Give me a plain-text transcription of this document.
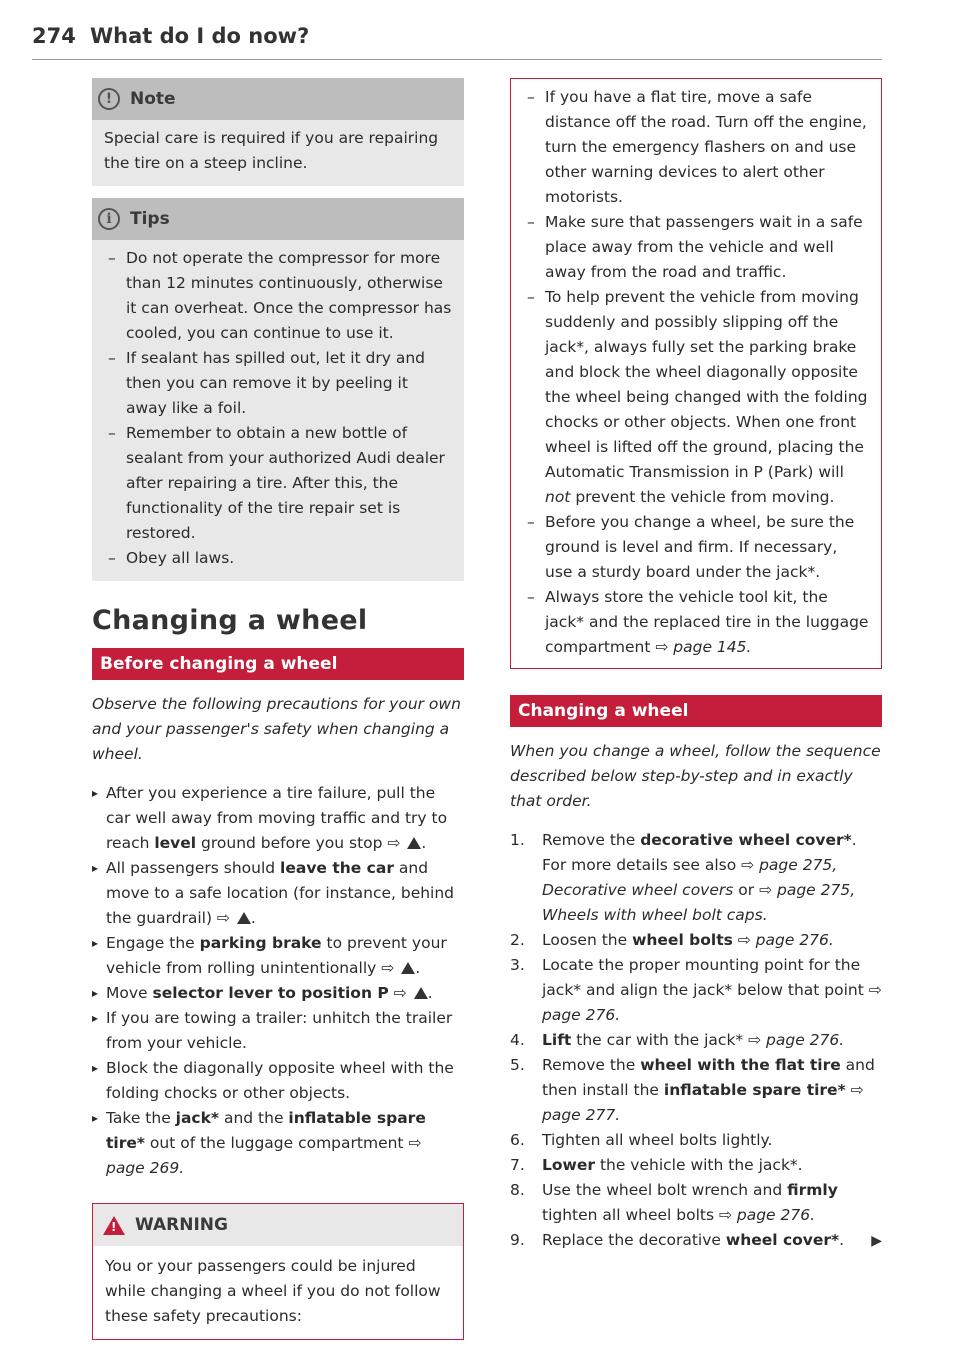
274 What do I do now?
!	Note
Special care is required if you are repairing the tire on a steep incline.
i	Tips
– Do not operate the compressor for more than 12 minutes continuously, otherwise it can overheat. Once the compressor has cooled, you can continue to use it.
– If sealant has spilled out, let it dry and then you can remove it by peeling it away like a foil.
– Remember to obtain a new bottle of sealant from your authorized Audi dealer after repairing a tire. After this, the functionality of the tire repair set is restored.
– Obey all laws.
Changing a wheel
Before changing a wheel
Observe the following precautions for your own and your passenger's safety when changing a wheel.
▸ After you experience a tire failure, pull the car well away from moving traffic and try to reach level ground before you stop ⇨ .
▸ All passengers should leave the car and move to a safe location (for instance, behind the guardrail) ⇨ .
▸ Engage the parking brake to prevent your vehicle from rolling unintentionally ⇨ .
▸ Move selector lever to position P ⇨ .
▸ If you are towing a trailer: unhitch the trailer from your vehicle.
▸ Block the diagonally opposite wheel with the folding chocks or other objects.
▸ Take the jack* and the inflatable spare tire* out of the luggage compartment ⇨ page 269.
!
WARNING
You or your passengers could be injured while changing a wheel if you do not follow these safety precautions:
– If you have a flat tire, move a safe distance off the road. Turn off the engine, turn the emergency flashers on and use other warning devices to alert other motorists.
– Make sure that passengers wait in a safe place away from the vehicle and well away from the road and traffic.
– To help prevent the vehicle from moving suddenly and possibly slipping off the jack*, always fully set the parking brake and block the wheel diagonally opposite the wheel being changed with the folding chocks or other objects. When one front wheel is lifted off the ground, placing the Automatic Transmission in P (Park) will not prevent the vehicle from moving.
– Before you change a wheel, be sure the ground is level and firm. If necessary, use a sturdy board under the jack*.
– Always store the vehicle tool kit, the jack* and the replaced tire in the luggage compartment ⇨ page 145.
Changing a wheel
When you change a wheel, follow the sequence described below step-by-step and in exactly that order.
1. Remove the decorative wheel cover*. For more details see also ⇨ page 275, Decorative wheel covers or ⇨ page 275, Wheels with wheel bolt caps.
2. Loosen the wheel bolts ⇨ page 276.
3. Locate the proper mounting point for the jack* and align the jack* below that point ⇨ page 276.
4. Lift the car with the jack* ⇨ page 276.
5. Remove the wheel with the flat tire and then install the inflatable spare tire* ⇨ page 277.
6. Tighten all wheel bolts lightly.
7. Lower the vehicle with the jack*.
8. Use the wheel bolt wrench and firmly tighten all wheel bolts ⇨ page 276.
9. Replace the decorative wheel cover*.	▶
